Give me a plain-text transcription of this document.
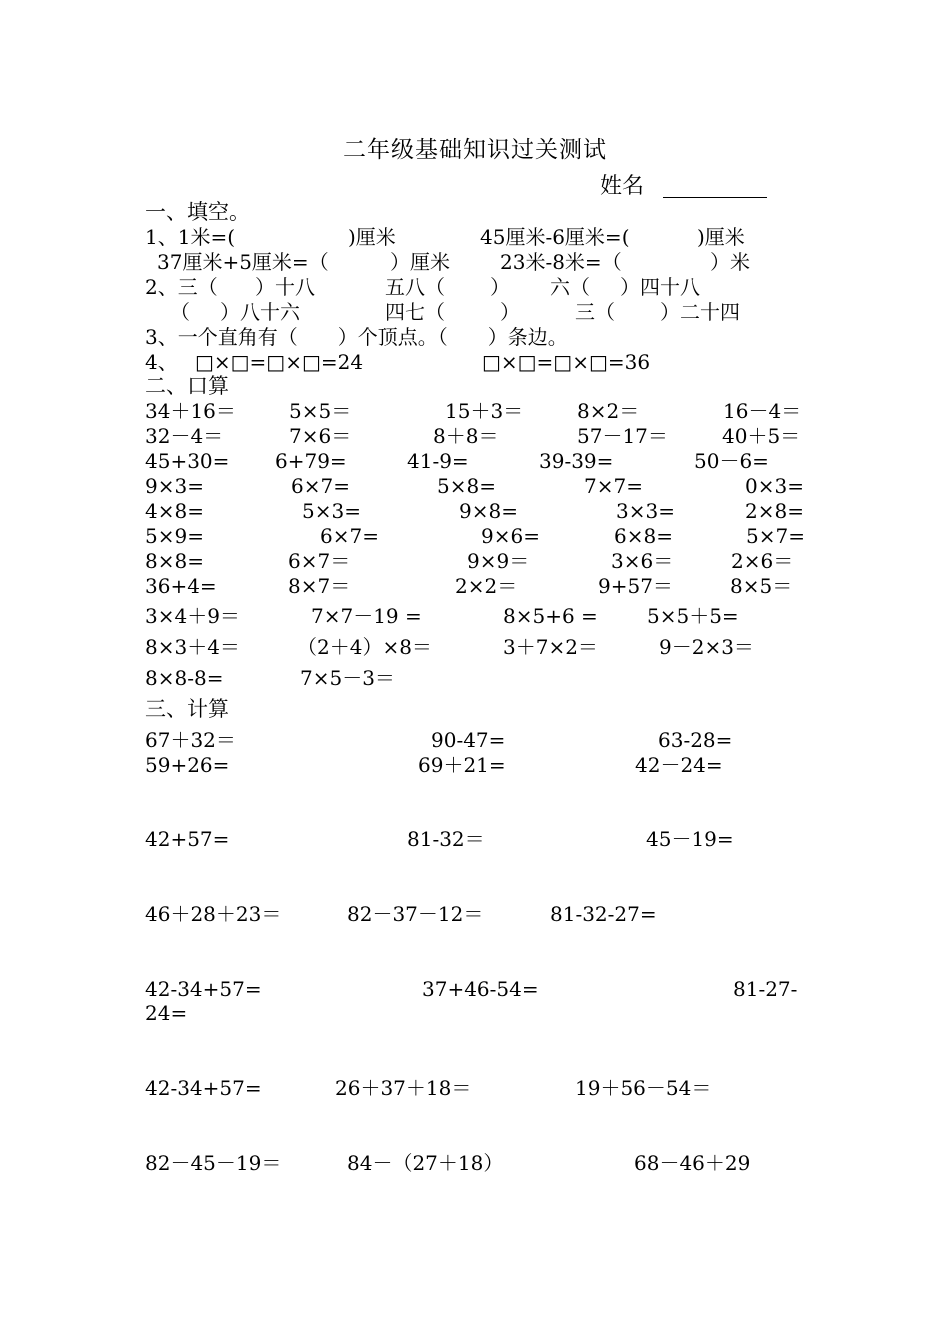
二年级基础知识过关测试
姓名
一、填空。
1、1米=(	)厘米	45厘米-6厘米=(	)厘米
37厘米+5厘米=（	）厘米	23米-8米=（	）米
2、三（ ）十八	五八（ ） 六（ ）四十八
（ ）八十六	四七（	）	三（ ）二十四
3、一个直角有（　　）个顶点。（　　）条边。
4、 □×□=□×□=24	□×□=□×□=36
二、口算
34＋16＝	5×5＝	15＋3＝	8×2＝	16－4＝
32－4＝	7×6＝	8＋8＝	57－17＝	40＋5＝
45+30= 6+79=	41-9=	39-39=	50－6=
9×3=	6×7=	5×8=	7×7=	0×3=
4×8=	5×3=	9×8=	3×3=	2×8=
5×9=	6×7=	9×6=	6×8=	5×7=
8×8=	6×7＝	9×9＝	3×6＝	2×6＝
36+4=	8×7＝	2×2＝	9+57＝	8×5＝
3×4＋9＝	7×7－19 =	8×5+6 = 5×5＋5=
8×3＋4＝	（2＋4）×8＝	3＋7×2＝	9－2×3＝
8×8-8=	7×5－3＝
三、计算
67＋32＝	90-47=	63-28=
59+26=	69＋21=	42－24=
42+57=	81-32＝	45－19=
46＋28＋23＝	82－37－12＝	81-32-27=
42-34+57=	37+46-54=	81-27-
24=
42-34+57=	26＋37＋18＝	19＋56－54＝
82－45－19＝	84－（27＋18）	68－46＋29
